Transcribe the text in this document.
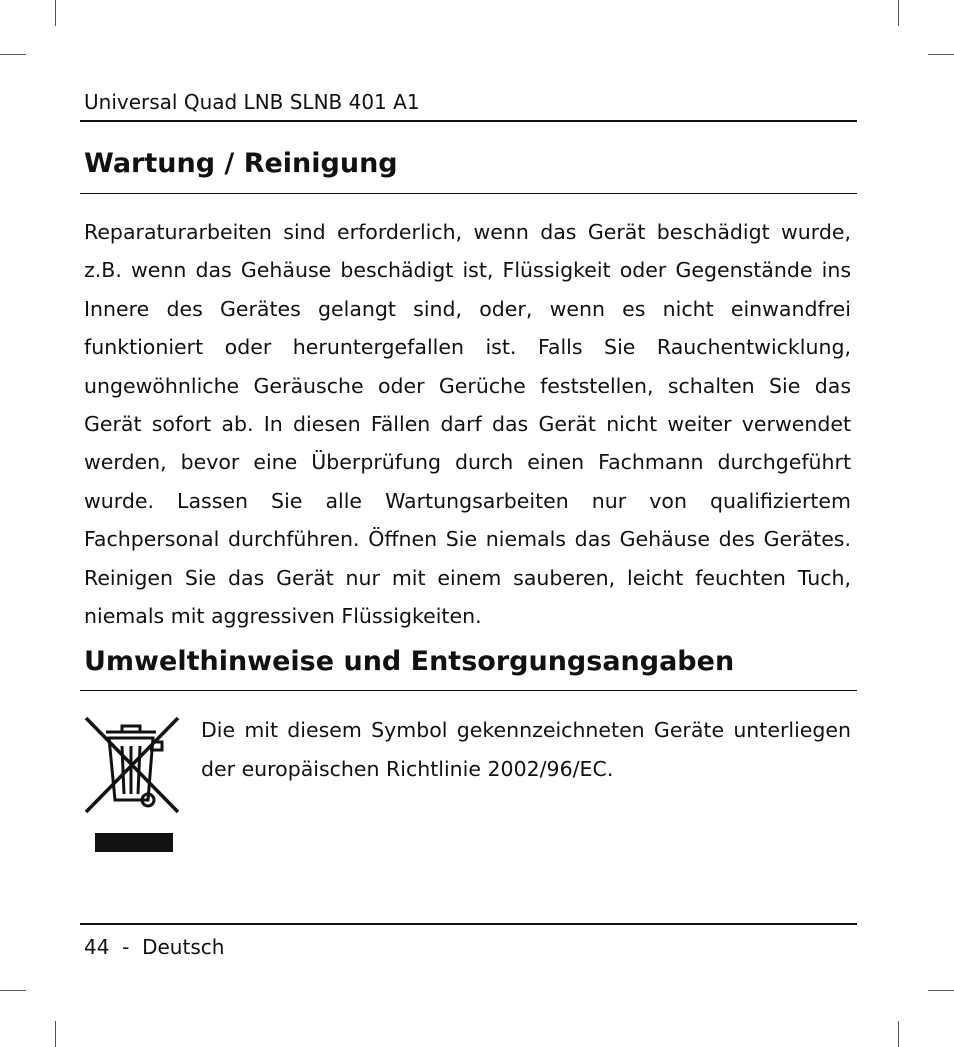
Universal Quad LNB SLNB 401 A1
Wartung / Reinigung

Reparaturarbeiten sind erforderlich, wenn das Gerät beschädigt wurde, z.B. wenn das Gehäuse beschädigt ist, Flüssigkeit oder Gegenstände ins Innere des Gerätes gelangt sind, oder, wenn es nicht einwandfrei funktioniert oder heruntergefallen ist. Falls Sie Rauchentwicklung, ungewöhnliche Geräusche oder Gerüche feststellen, schalten Sie das Gerät sofort ab. In diesen Fällen darf das Gerät nicht weiter verwendet werden, bevor eine Überprüfung durch einen Fachmann durchgeführt wurde. Lassen Sie alle Wartungsarbeiten nur von qualifiziertem Fachpersonal durchführen. Öffnen Sie niemals das Gehäuse des Gerätes. Reinigen Sie das Gerät nur mit einem sauberen, leicht feuchten Tuch, niemals mit aggressiven Flüssigkeiten.

Umwelthinweise und Entsorgungsangaben

Die mit diesem Symbol gekennzeichneten Geräte unterliegen der europäischen Richtlinie 2002/96/EC.

44  -  Deutsch
